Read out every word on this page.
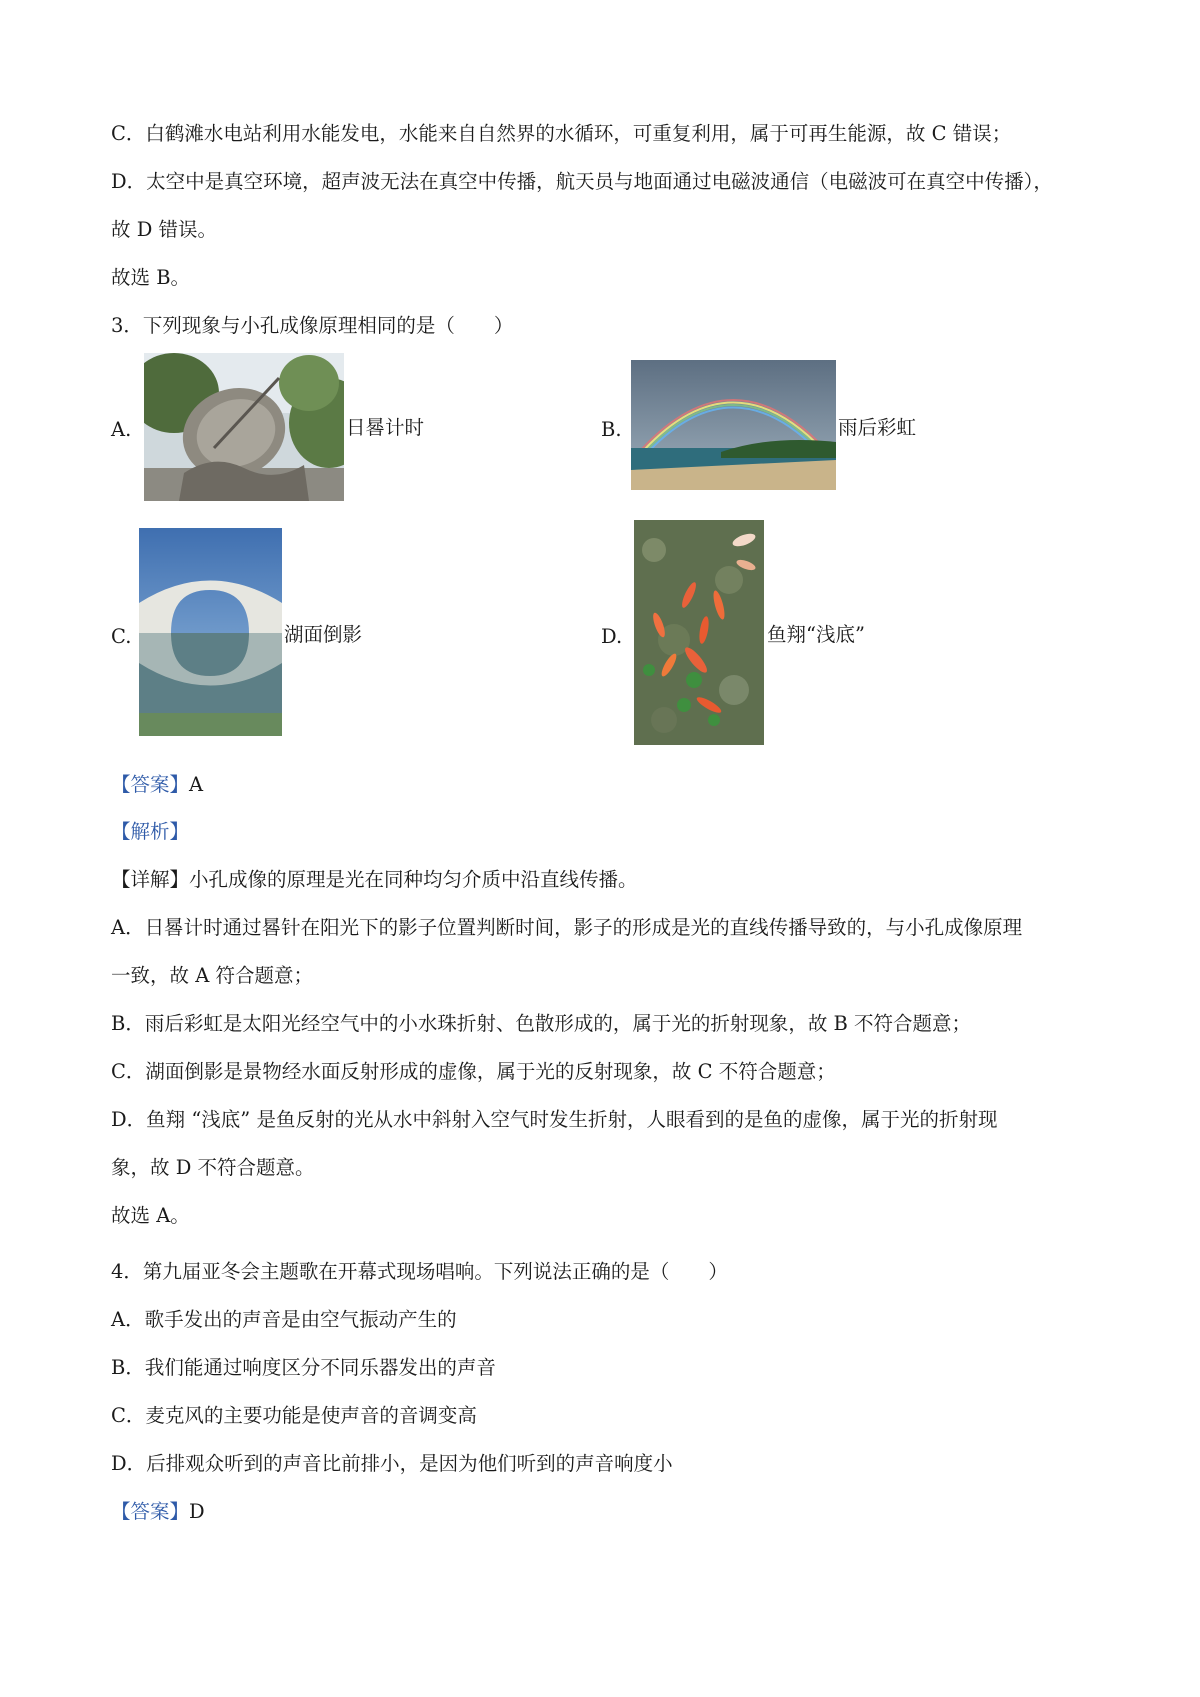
C．白鹤滩水电站利用水能发电，水能来自自然界的水循环，可重复利用，属于可再生能源，故 C 错误；
D．太空中是真空环境，超声波无法在真空中传播，航天员与地面通过电磁波通信（电磁波可在真空中传播），
故 D 错误。
故选 B。
3．下列现象与小孔成像原理相同的是（　　）
A.	日晷计时	B.	雨后彩虹
C.	湖面倒影	D.	鱼翔“浅底”
【答案】A
【解析】
【详解】小孔成像的原理是光在同种均匀介质中沿直线传播。
A．日晷计时通过晷针在阳光下的影子位置判断时间，影子的形成是光的直线传播导致的，与小孔成像原理
一致，故 A 符合题意；
B．雨后彩虹是太阳光经空气中的小水珠折射、色散形成的，属于光的折射现象，故 B 不符合题意；
C．湖面倒影是景物经水面反射形成的虚像，属于光的反射现象，故 C 不符合题意；
D．鱼翔 “浅底” 是鱼反射的光从水中斜射入空气时发生折射，人眼看到的是鱼的虚像，属于光的折射现
象，故 D 不符合题意。
故选 A。
4．第九届亚冬会主题歌在开幕式现场唱响。下列说法正确的是（　　）
A．歌手发出的声音是由空气振动产生的
B．我们能通过响度区分不同乐器发出的声音
C．麦克风的主要功能是使声音的音调变高
D．后排观众听到的声音比前排小，是因为他们听到的声音响度小
【答案】D
